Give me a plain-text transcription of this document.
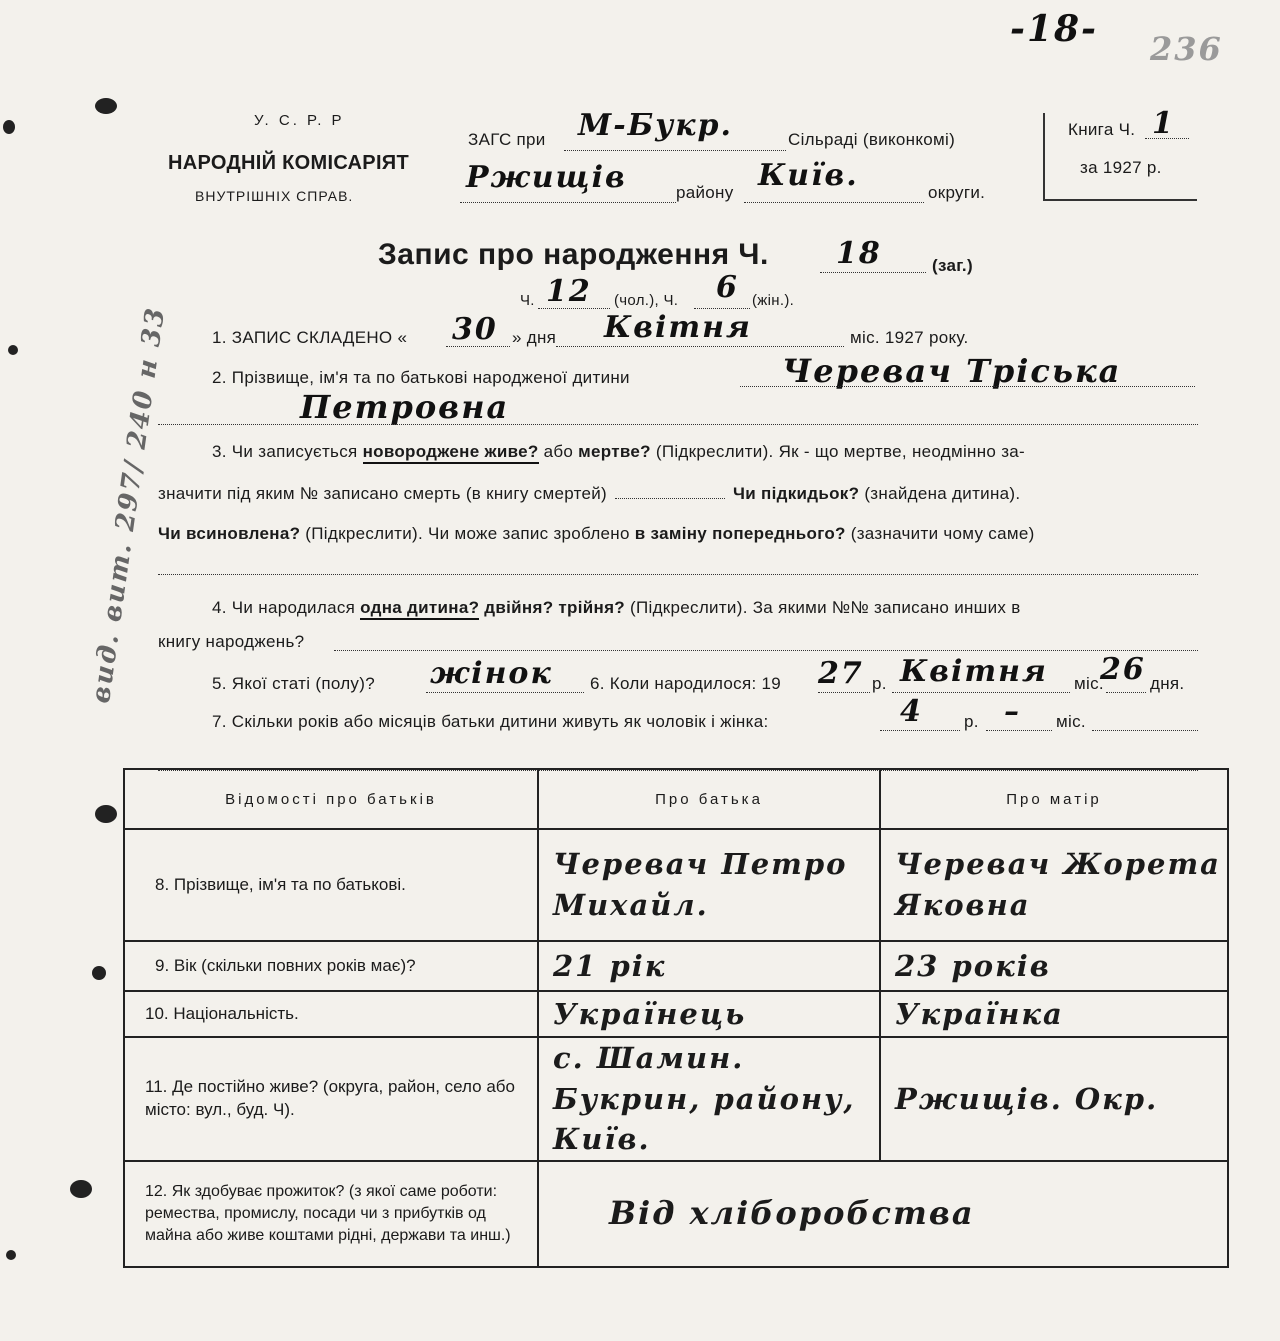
-18- 236
вид. вит. 297/ 240 н 33
У. С. Р. Р
НАРОДНІЙ КОМІСАРІЯТ
ВНУТРІШНІХ СПРАВ.
ЗАГС при М-Букр.	Сільраді (виконкомі)
Ржищів	району Київ.	округи.
Книга Ч. 1
за 1927 р.
Запис про народження Ч. 18	(заг.)
Ч. 12 (чол.), Ч. 6 (жін.).
1. ЗАПИС СКЛАДЕНО « 30 » дня Квітня	міс. 1927 року.
2. Прізвище, ім'я та по батькові народженої дитини	Черевач Тріська
Петровна
3. Чи записується новороджене живе? або мертве? (Підкреслити). Як - що мертве, неодмінно за-
значити під яким № записано смерть (в книгу смертей)	Чи підкидьок? (знайдена дитина).
Чи всиновлена? (Підкреслити). Чи може запис зроблено в заміну попереднього? (зазначити чому саме)
4. Чи народилася одна дитина? двійня? трійня? (Підкреслити). За якими №№ записано инших в
книгу народжень?
5. Якої статі (полу)? жінок 6. Коли народилося: 19 27 р. Квітня міс.
26 дня.
7. Скільки років або місяців батьки дитини живуть як чоловік і жінка:	4 р. – міс.
Відомості про батьків	Про батька	Про матір
8. Прізвище, ім'я та по батькові.	Черевач Петро Михайл.	Черевач Жорета Яковна
9. Вік (скільки повних років має)?	21 рік	23 років
10. Національність.	Українець	Українка
11. Де постійно живе? (округа, район, село або місто: вул., буд. Ч).	с. Шамин. Букрин, району, Київ.	Ржищів. Окр.
12. Як здобуває прожиток? (з якої саме роботи: ремества, промислу, посади чи з прибутків од майна або живе коштами рідні, держави та инш.)	Від хліборобства	
